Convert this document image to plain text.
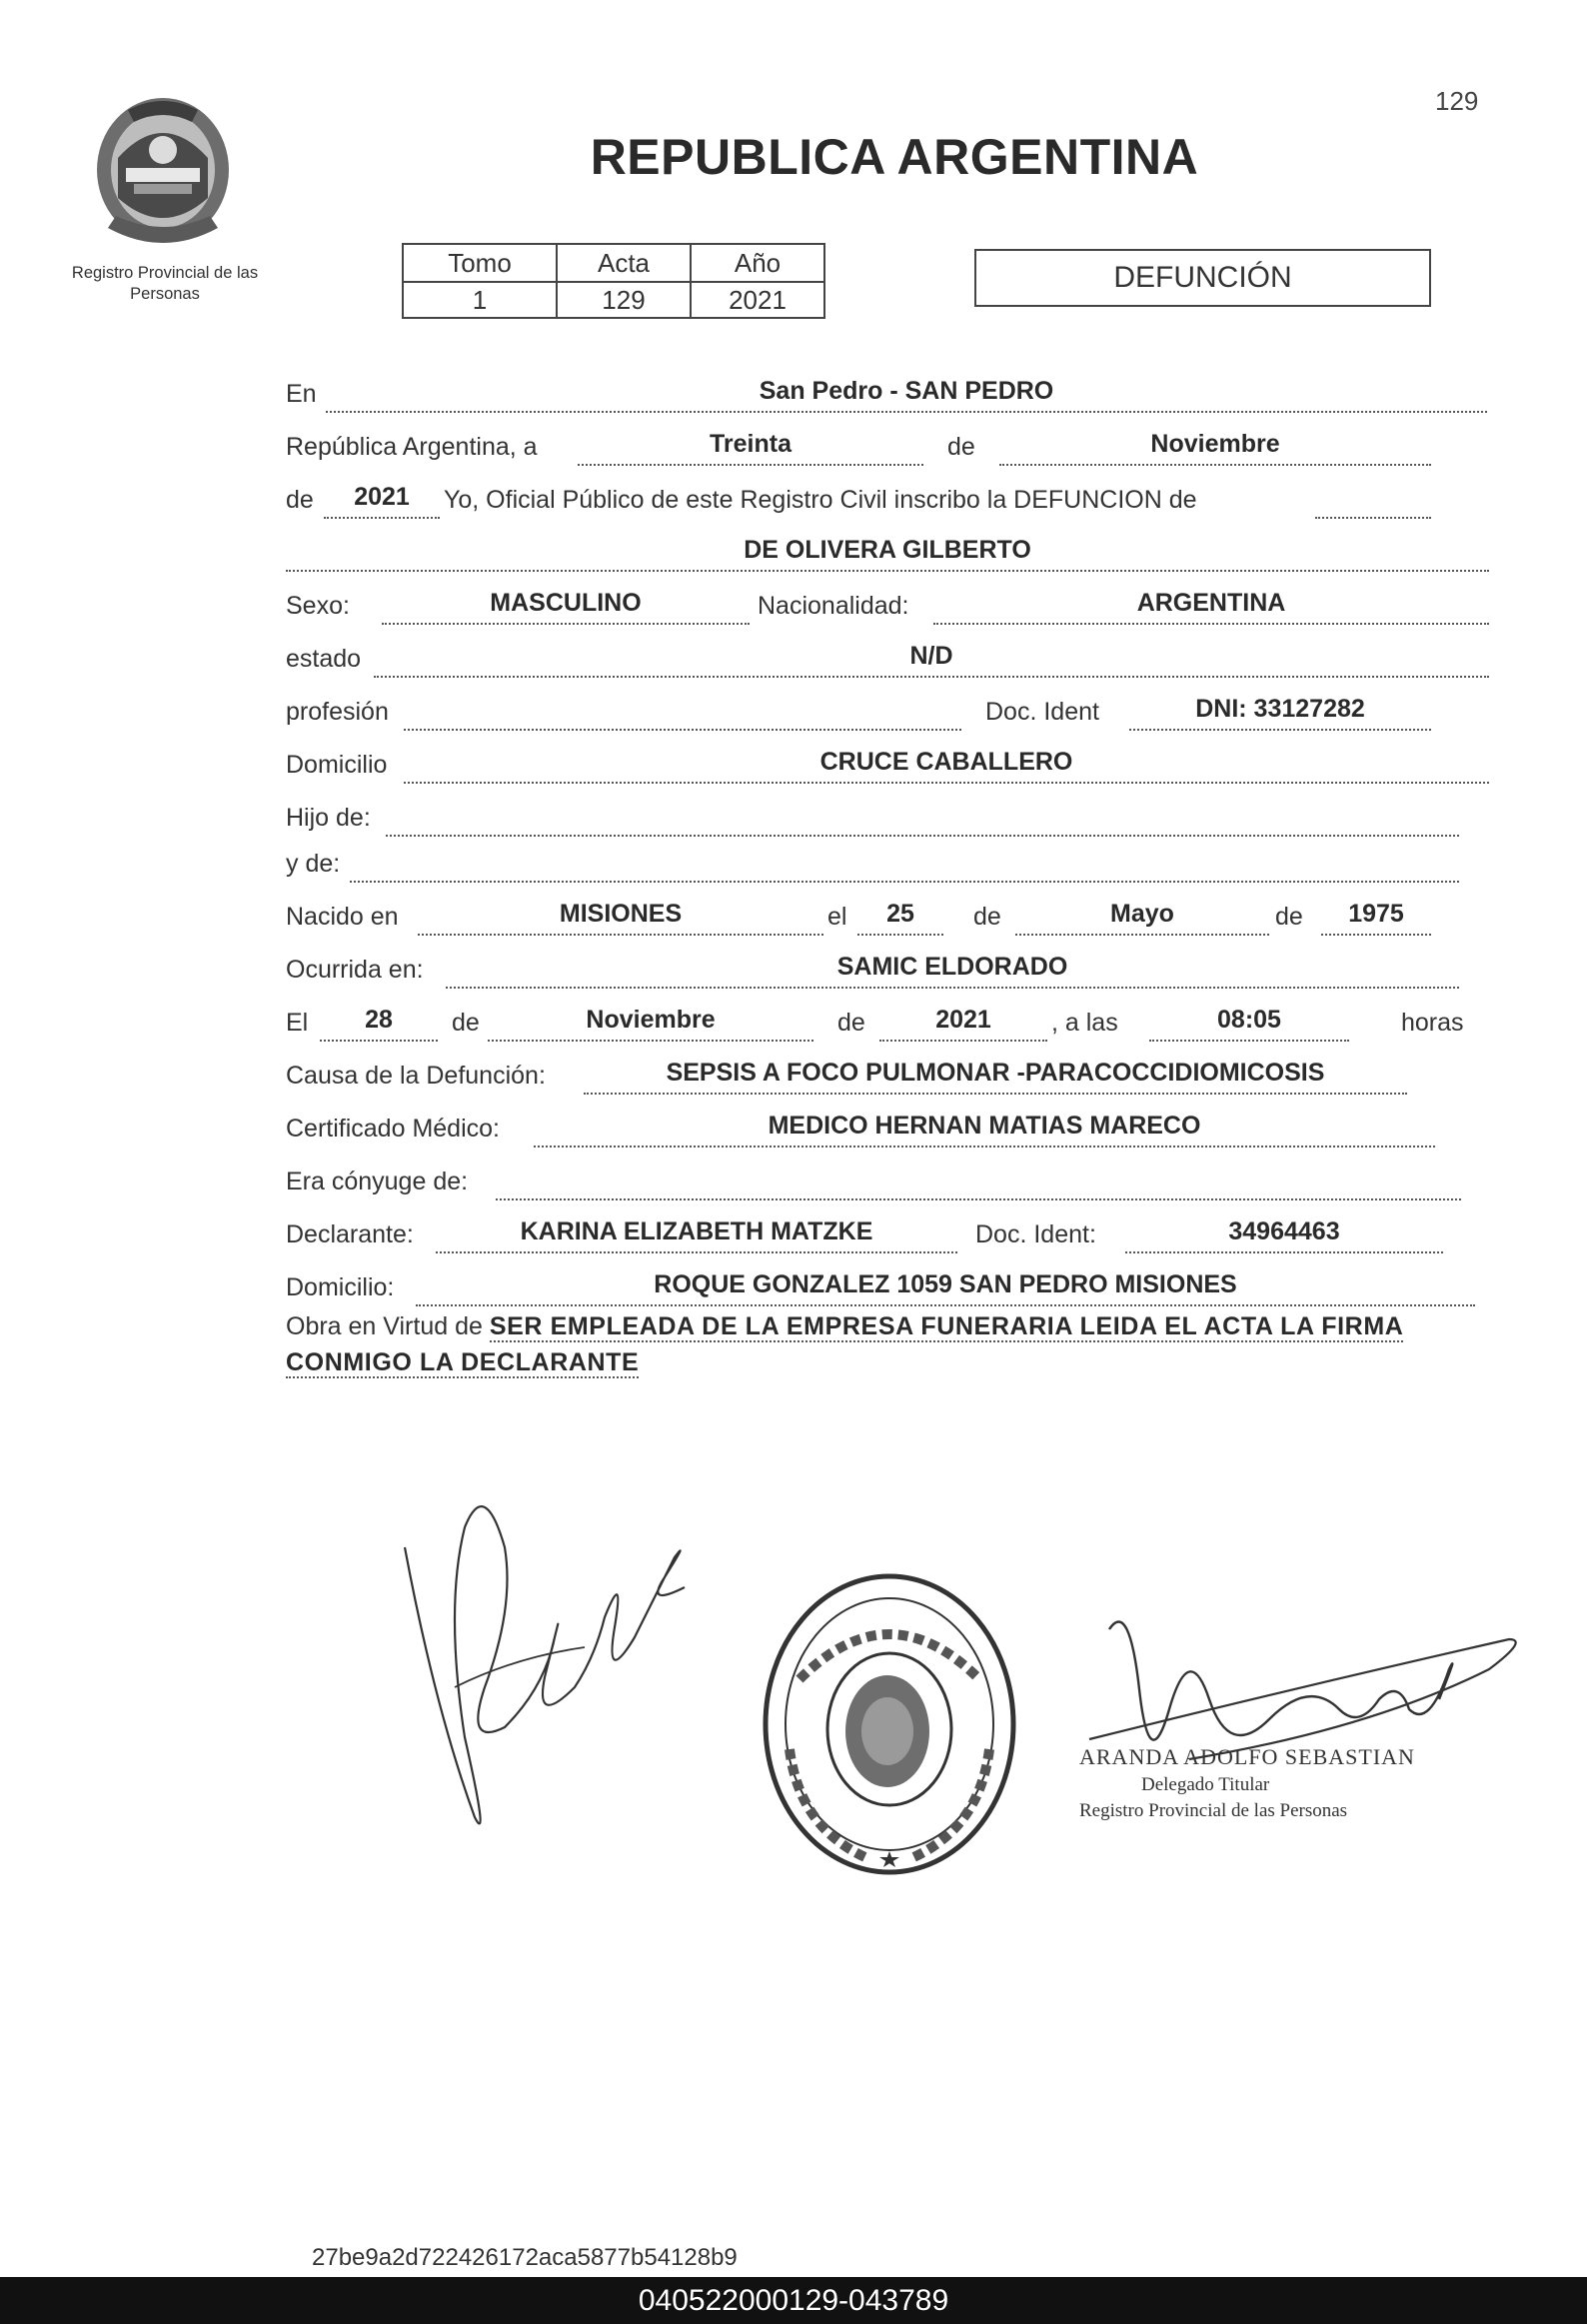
129
Registro Provincial de las Personas
REPUBLICA ARGENTINA
Tomo	Acta	Año
1	129	2021
DEFUNCIÓN
En	San Pedro - SAN PEDRO
República Argentina, a	Treinta	de	Noviembre
de	2021	Yo, Oficial Público de este Registro Civil inscribo la DEFUNCION de
DE OLIVERA GILBERTO
Sexo:	MASCULINO	Nacionalidad:	ARGENTINA
estado	N/D
profesión	Doc. Ident	DNI: 33127282
Domicilio	CRUCE CABALLERO
Hijo de:
y de:
Nacido en	MISIONES	el	25	de	Mayo	de	1975
Ocurrida en:	SAMIC ELDORADO
El	28	de	Noviembre	de	2021	, a las	08:05	horas
Causa de la Defunción:	SEPSIS A FOCO PULMONAR -PARACOCCIDIOMICOSIS
Certificado Médico:	MEDICO HERNAN MATIAS MARECO
Era cónyuge de:
Declarante:	KARINA ELIZABETH MATZKE	Doc. Ident:	34964463
Domicilio:	ROQUE GONZALEZ 1059 SAN PEDRO MISIONES
Obra en Virtud de SER EMPLEADA DE LA EMPRESA FUNERARIA LEIDA EL ACTA LA FIRMA CONMIGO LA DECLARANTE
ARANDA ADOLFO SEBASTIAN
Delegado Titular
Registro Provincial de las Personas
27be9a2d722426172aca5877b54128b9
040522000129-043789
